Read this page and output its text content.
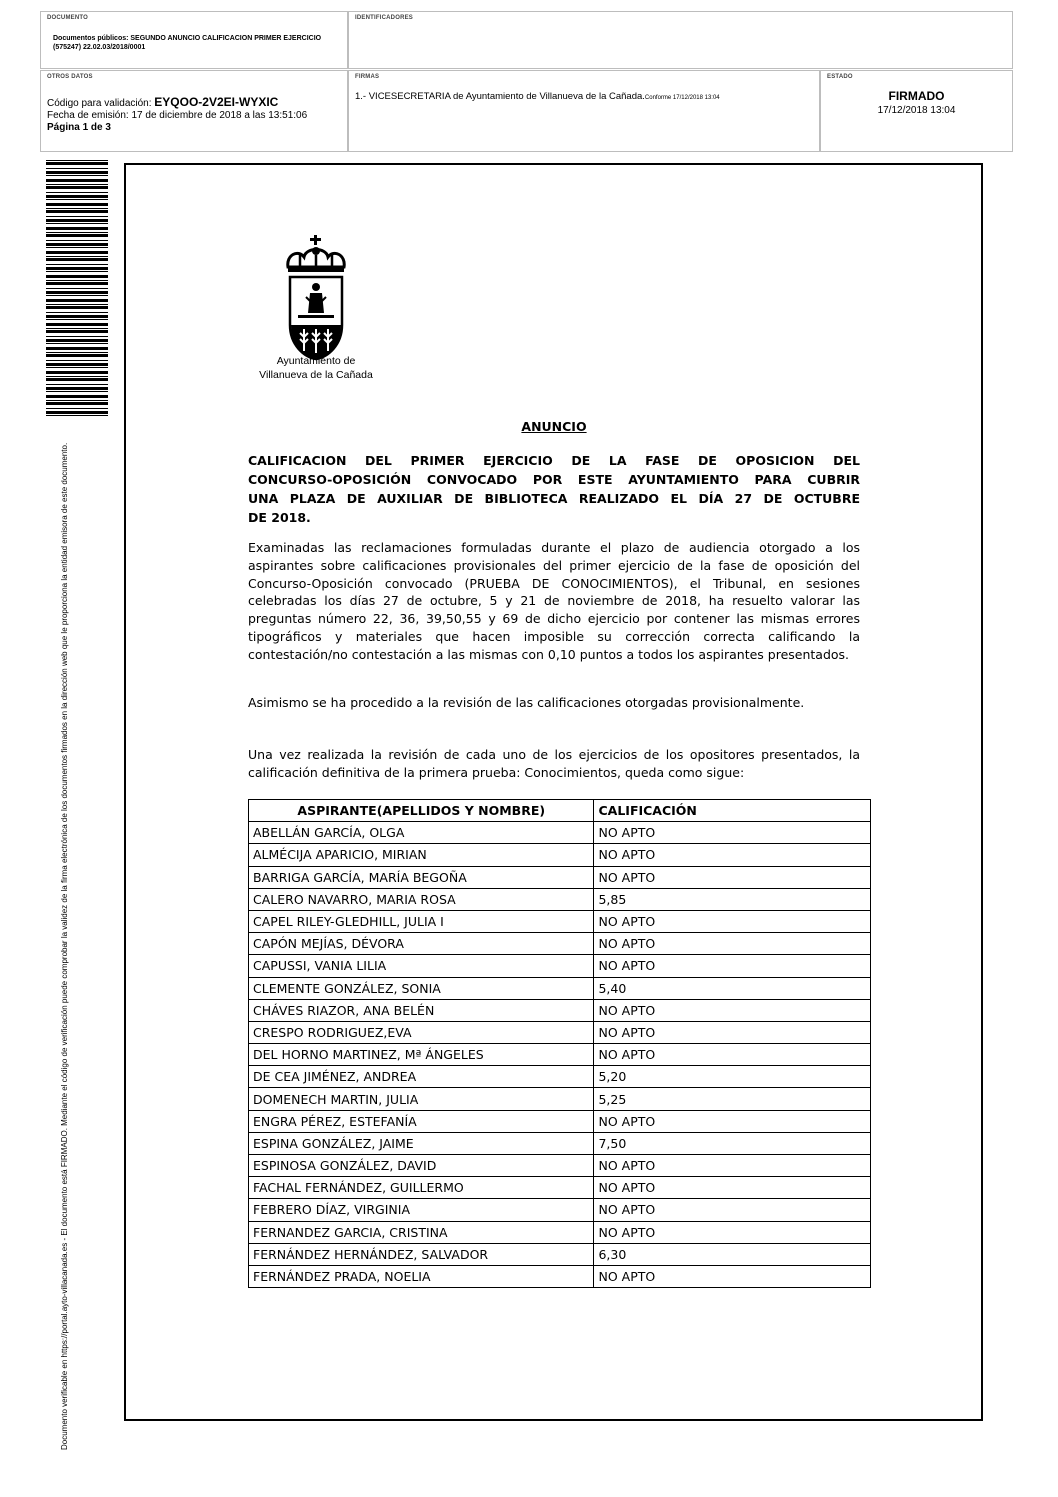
DOCUMENTO
Documentos públicos: SEGUNDO ANUNCIO CALIFICACION PRIMER EJERCICIO (575247) 22.02.03/2018/0001
IDENTIFICADORES
OTROS DATOS
Código para validación: EYQOO-2V2EI-WYXIC
Fecha de emisión: 17 de diciembre de 2018 a las 13:51:06
Página 1 de 3
FIRMAS
1.- VICESECRETARIA de Ayuntamiento de Villanueva de la Cañada.Conforme 17/12/2018 13:04
ESTADO
FIRMADO
17/12/2018 13:04
Documento verificable en https://portal.ayto-villacanada.es - El documento está FIRMADO. Mediante el código de verificación puede comprobar la validez de la firma electrónica de los documentos firmados en la dirección web que le proporciona la entidad emisora de este documento.
Ayuntamiento de
Villanueva de la Cañada
ANUNCIO
CALIFICACION DEL PRIMER EJERCICIO DE LA FASE DE OPOSICION DEL
CONCURSO-OPOSICIÓN CONVOCADO POR ESTE AYUNTAMIENTO PARA CUBRIR
UNA PLAZA DE AUXILIAR DE BIBLIOTECA REALIZADO EL DÍA 27 DE OCTUBRE
DE 2018.
Examinadas las reclamaciones formuladas durante el plazo de audiencia otorgado a los aspirantes sobre calificaciones provisionales del primer ejercicio de la fase de oposición del Concurso-Oposición convocado (PRUEBA DE CONOCIMIENTOS), el Tribunal, en sesiones celebradas los días 27 de octubre, 5 y 21 de noviembre de 2018, ha resuelto valorar las preguntas número 22, 36, 39,50,55 y 69 de dicho ejercicio por contener las mismas errores tipográficos y materiales que hacen imposible su corrección correcta calificando la contestación/no contestación a las mismas con 0,10 puntos a todos los aspirantes presentados.
Asimismo se ha procedido a la revisión de las calificaciones otorgadas provisionalmente.
Una vez realizada la revisión de cada uno de los ejercicios de los opositores presentados, la calificación definitiva de la primera prueba: Conocimientos, queda como sigue:
ASPIRANTE(APELLIDOS Y NOMBRE)	CALIFICACIÓN
ABELLÁN GARCÍA, OLGA	NO APTO
ALMÉCIJA APARICIO, MIRIAN	NO APTO
BARRIGA GARCÍA, MARÍA BEGOÑA	NO APTO
CALERO NAVARRO, MARIA ROSA	5,85
CAPEL RILEY-GLEDHILL, JULIA I	NO APTO
CAPÓN MEJÍAS, DÉVORA	NO APTO
CAPUSSI, VANIA LILIA	NO APTO
CLEMENTE GONZÁLEZ, SONIA	5,40
CHÁVES RIAZOR, ANA BELÉN	NO APTO
CRESPO RODRIGUEZ,EVA	NO APTO
DEL HORNO MARTINEZ, Mª ÁNGELES	NO APTO
DE CEA JIMÉNEZ, ANDREA	5,20
DOMENECH MARTIN, JULIA	5,25
ENGRA PÉREZ, ESTEFANÍA	NO APTO
ESPINA GONZÁLEZ, JAIME	7,50
ESPINOSA GONZÁLEZ, DAVID	NO APTO
FACHAL FERNÁNDEZ, GUILLERMO	NO APTO
FEBRERO DÍAZ, VIRGINIA	NO APTO
FERNANDEZ GARCIA, CRISTINA	NO APTO
FERNÁNDEZ HERNÁNDEZ, SALVADOR	6,30
FERNÁNDEZ PRADA, NOELIA	NO APTO
